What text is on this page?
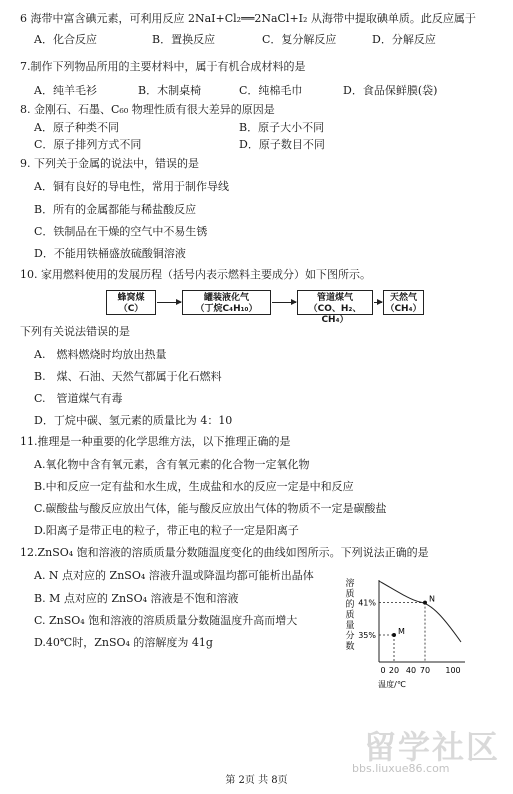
6 海带中富含碘元素，可利用反应 2NaI+Cl₂══2NaCl+I₂ 从海带中提取碘单质。此反应属于
A．化合反应	B．置换反应	C．复分解反应	D．分解反应
7.制作下列物品所用的主要材料中，属于有机合成材料的是
A．纯羊毛衫	B．木制桌椅	C．纯棉毛巾	D．食品保鲜膜(袋)
8. 金刚石、石墨、C₆₀ 物理性质有很大差异的原因是
A．原子种类不同	B．原子大小不同
C．原子排列方式不同	D．原子数目不同
9. 下列关于金属的说法中，错误的是
A．铜有良好的导电性，常用于制作导线
B．所有的金属都能与稀盐酸反应
C．铁制品在干燥的空气中不易生锈
D．不能用铁桶盛放硫酸铜溶液
10. 家用燃料使用的发展历程（括号内表示燃料主要成分）如下图所示。
蜂窝煤
（C）
罐装液化气
（丁烷C₄H₁₀）
管道煤气
（CO、H₂、CH₄）
天然气
（CH₄）
下列有关说法错误的是
A.　燃料燃烧时均放出热量
B.　煤、石油、天然气都属于化石燃料
C.　管道煤气有毒
D．丁烷中碳、氢元素的质量比为 4：10
11.推理是一种重要的化学思维方法，以下推理正确的是
A.氧化物中含有氧元素，含有氧元素的化合物一定氧化物
B.中和反应一定有盐和水生成，生成盐和水的反应一定是中和反应
C.碳酸盐与酸反应放出气体，能与酸反应放出气体的物质不一定是碳酸盐
D.阳离子是带正电的粒子，带正电的粒子一定是阳离子
12.ZnSO₄ 饱和溶液的溶质质量分数随温度变化的曲线如图所示。下列说法正确的是
A. N 点对应的 ZnSO₄ 溶液升温或降温均都可能析出晶体
B. M 点对应的 ZnSO₄ 溶液是不饱和溶液
C. ZnSO₄ 饱和溶液的溶质质量分数随温度升高而增大
D.40℃时，ZnSO₄ 的溶解度为 41g
溶
质
的
质
量
分
数
0 20 40 70 100
35%
41%
M
N
温度/℃
第 2页 共 8页
留学社区
bbs.liuxue86.com
